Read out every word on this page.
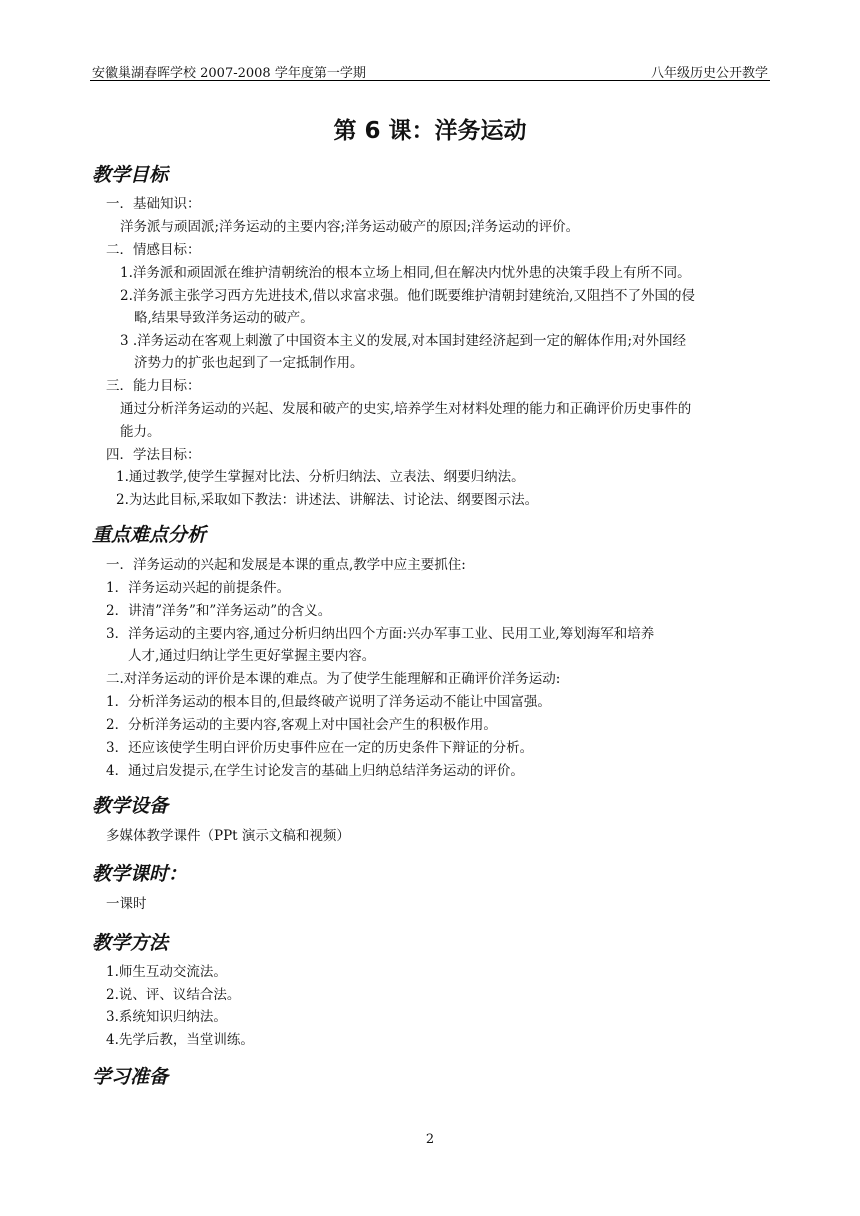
安徽巢湖春晖学校 2007-2008 学年度第一学期	八年级历史公开教学
第 6 课：洋务运动
教学目标
一．基础知识：
洋务派与顽固派;洋务运动的主要内容;洋务运动破产的原因;洋务运动的评价。
二．情感目标：
1.洋务派和顽固派在维护清朝统治的根本立场上相同,但在解决内忧外患的决策手段上有所不同。
2.洋务派主张学习西方先进技术,借以求富求强。他们既要维护清朝封建统治,又阻挡不了外国的侵
略,结果导致洋务运动的破产。
3 .洋务运动在客观上刺激了中国资本主义的发展,对本国封建经济起到一定的解体作用;对外国经
济势力的扩张也起到了一定抵制作用。
三．能力目标：
通过分析洋务运动的兴起、发展和破产的史实,培养学生对材料处理的能力和正确评价历史事件的
能力。
四．学法目标：
1.通过教学,使学生掌握对比法、分析归纳法、立表法、纲要归纳法。
2.为达此目标,采取如下教法：讲述法、讲解法、讨论法、纲要图示法。
重点难点分析
一．洋务运动的兴起和发展是本课的重点,教学中应主要抓住:
1．洋务运动兴起的前提条件。
2．讲清”洋务”和”洋务运动”的含义。
3．洋务运动的主要内容,通过分析归纳出四个方面:兴办军事工业、民用工业,筹划海军和培养
人才,通过归纳让学生更好掌握主要内容。
二.对洋务运动的评价是本课的难点。为了使学生能理解和正确评价洋务运动:
1．分析洋务运动的根本目的,但最终破产说明了洋务运动不能让中国富强。
2．分析洋务运动的主要内容,客观上对中国社会产生的积极作用。
3．还应该使学生明白评价历史事件应在一定的历史条件下辩证的分析。
4．通过启发提示,在学生讨论发言的基础上归纳总结洋务运动的评价。
教学设备
多媒体教学课件（PPt 演示文稿和视频）
教学课时：
一课时
教学方法
1.师生互动交流法。
2.说、评、议结合法。
3.系统知识归纳法。
4.先学后教，当堂训练。
学习准备
2
